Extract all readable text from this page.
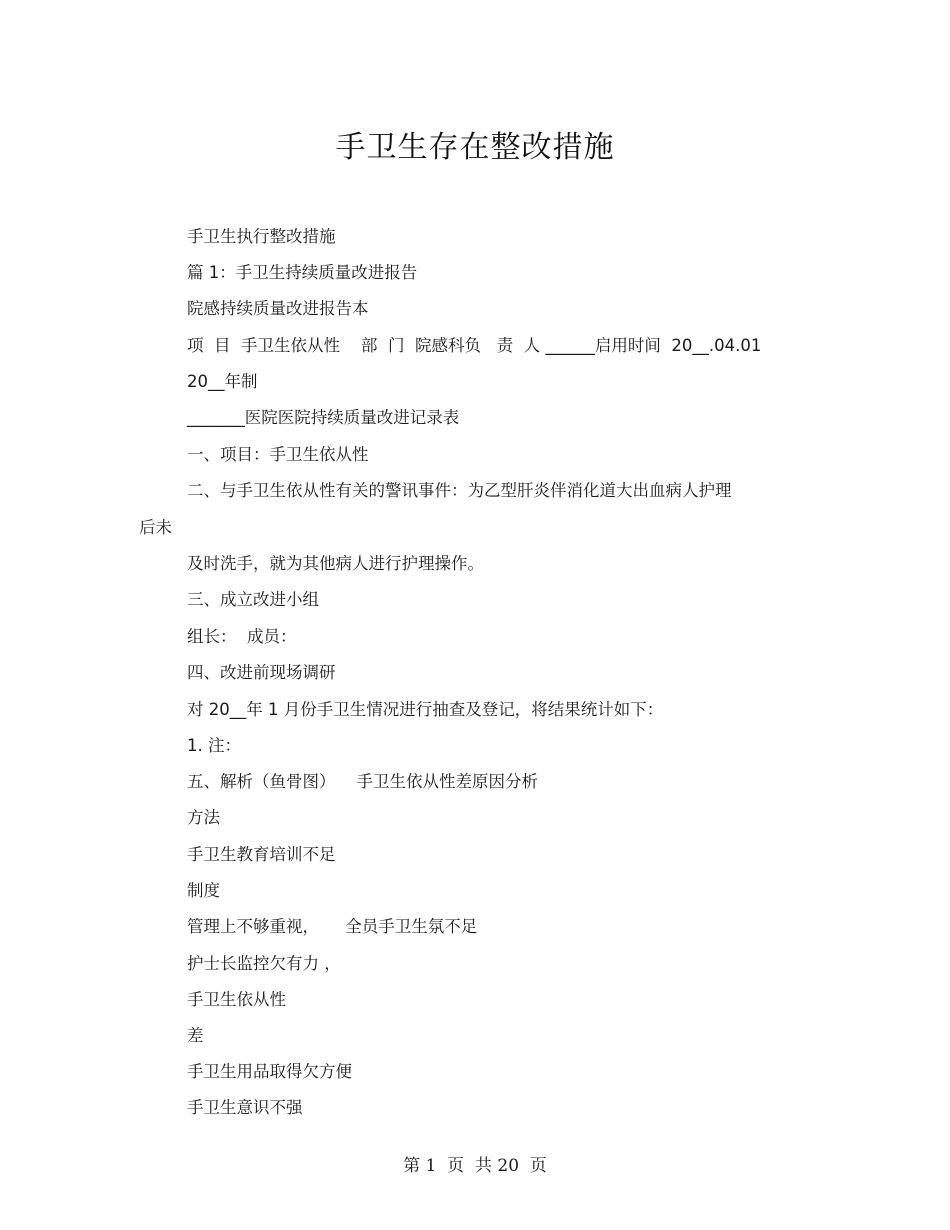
手卫生存在整改措施
手卫生执行整改措施
篇 1：手卫生持续质量改进报告
院感持续质量改进报告本
项  目  手卫生依从性    部  门  院感科负   责  人 ______启用时间  20__.04.01
20__年制
_______医院医院持续质量改进记录表
一、项目：手卫生依从性
二、与手卫生依从性有关的警讯事件：为乙型肝炎伴消化道大出血病人护理
后未
及时洗手，就为其他病人进行护理操作。
三、成立改进小组
组长：  成员：
四、改进前现场调研
对 20__年 1 月份手卫生情况进行抽查及登记，将结果统计如下：
1. 注：
五、解析（鱼骨图）    手卫生依从性差原因分析
方法
手卫生教育培训不足
制度
管理上不够重视，     全员手卫生氛不足
护士长监控欠有力 ，
手卫生依从性
差
手卫生用品取得欠方便
手卫生意识不强
第 1  页  共 20  页
